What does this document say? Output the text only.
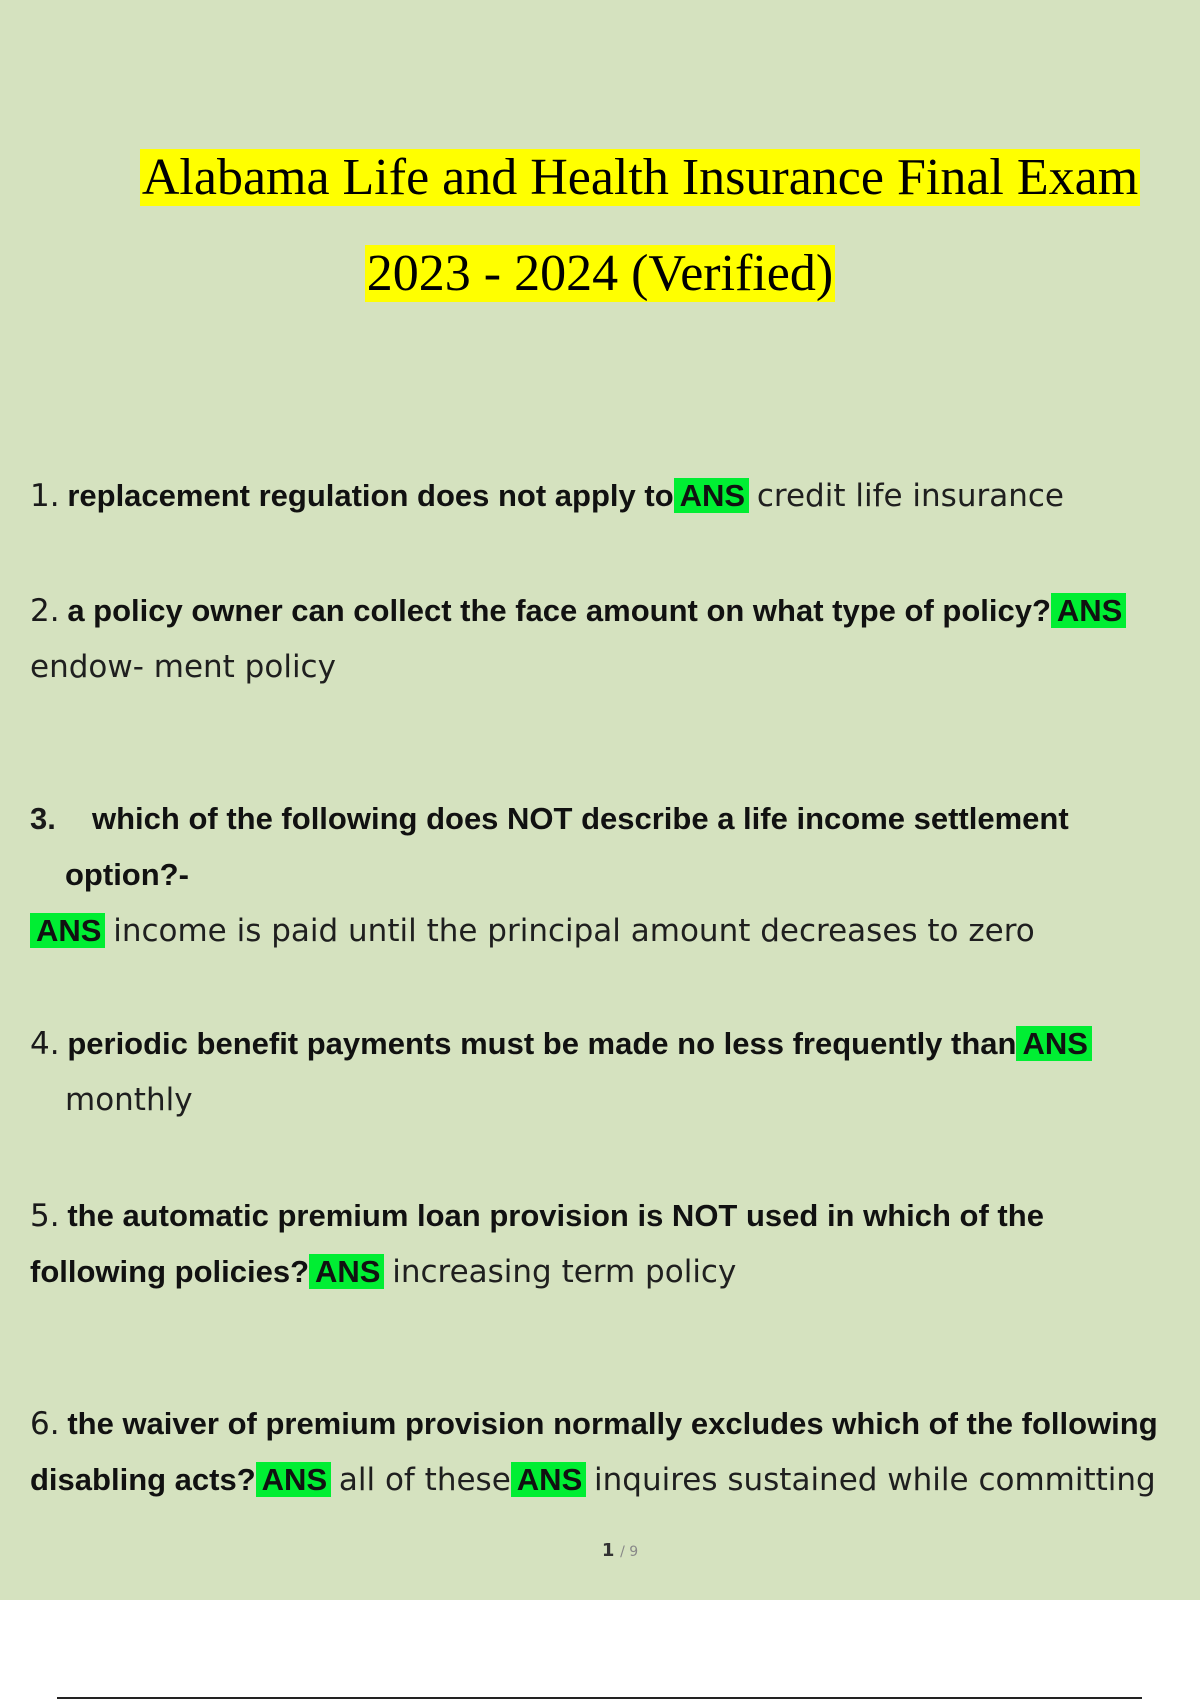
Alabama Life and Health Insurance Final Exam
2023 - 2024 (Verified)
1. replacement regulation does not apply to ANS credit life insurance
2. a policy owner can collect the face amount on what type of policy? ANS
endow- ment policy
3. which of the following does NOT describe a life income settlement
option?-
ANS income is paid until the principal amount decreases to zero
4. periodic benefit payments must be made no less frequently than ANS
monthly
5. the automatic premium loan provision is NOT used in which of the
following policies? ANS increasing term policy
6. the waiver of premium provision normally excludes which of the following
disabling acts? ANS all of these ANS inquires sustained while committing
1 / 9
